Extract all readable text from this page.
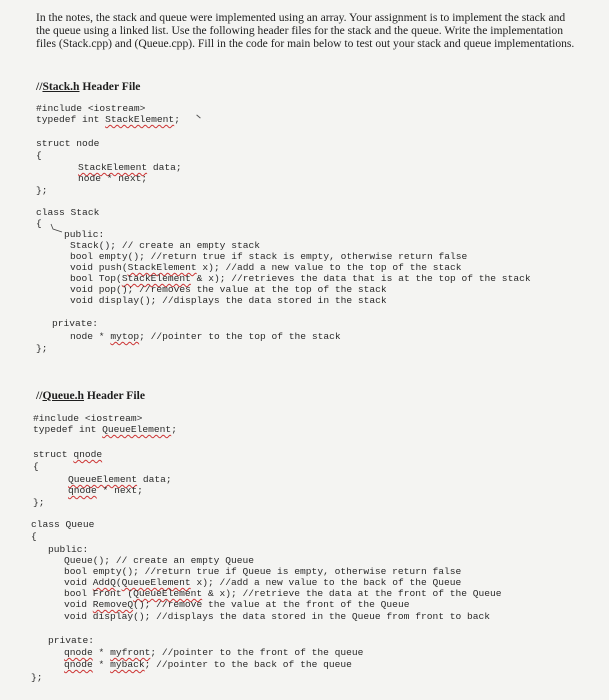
In the notes, the stack and queue were implemented using an array. Your assignment is to implement the stack and the queue using a linked list. Use the following header files for the stack and the queue. Write the implementation files (Stack.cpp) and (Queue.cpp). Fill in the code for main below to test out your stack and queue implementations.

//Stack.h Header File
#include <iostream>
typedef int StackElement;
struct node
{
StackElement data;
node * next;
};
class Stack
{
public:
Stack(); // create an empty stack
bool empty(); //return true if stack is empty, otherwise return false
void push(StackElement x); //add a new value to the top of the stack
bool Top(StackElement & x); //retrieves the data that is at the top of the stack
void pop(); //removes the value at the top of the stack
void display(); //displays the data stored in the stack
private:
node * mytop; //pointer to the top of the stack
};
//Queue.h Header File
#include <iostream>
typedef int QueueElement;
struct qnode
{
QueueElement data;
qnode * next;
};
class Queue
{
public:
Queue(); // create an empty Queue
bool empty(); //return true if Queue is empty, otherwise return false
void AddQ(QueueElement x); //add a new value to the back of the Queue
bool Front (QueueElement & x); //retrieve the data at the front of the Queue
void RemoveQ(); //remove the value at the front of the Queue
void display(); //displays the data stored in the Queue from front to back
private:
qnode * myfront; //pointer to the front of the queue
qnode * myback; //pointer to the back of the queue
};
